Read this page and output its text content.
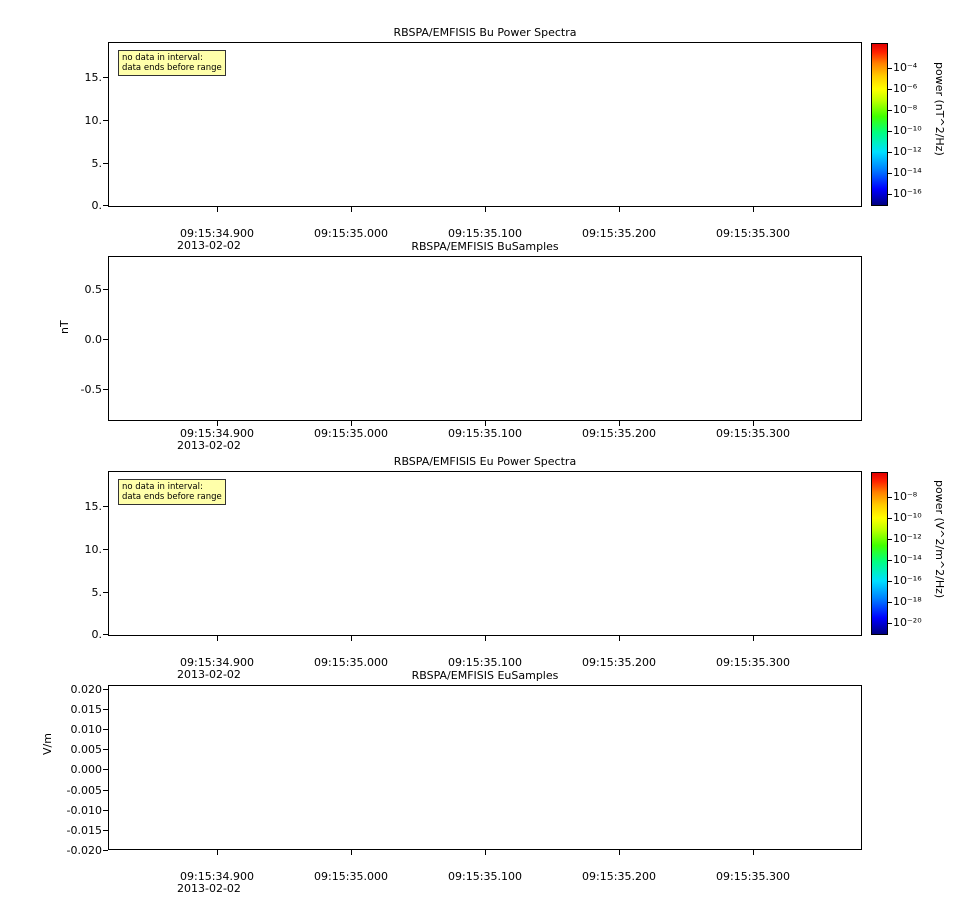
RBSPA/EMFISIS Bu Power Spectra
0.
5.
10.
15.
09:15:34.900	09:15:35.000	09:15:35.100	09:15:35.200	09:15:35.300
2013-02-02
no data in interval:
data ends before range	10⁻⁴
10⁻⁶
10⁻⁸
10⁻¹⁰
10⁻¹²
10⁻¹⁴
10⁻¹⁶
power (nT^2/Hz)
RBSPA/EMFISIS BuSamples
-0.5
0.0
0.5
nT
09:15:34.900	09:15:35.000	09:15:35.100	09:15:35.200	09:15:35.300
2013-02-02
RBSPA/EMFISIS Eu Power Spectra
0.
5.
10.
15.
09:15:34.900	09:15:35.000	09:15:35.100	09:15:35.200	09:15:35.300
2013-02-02
no data in interval:
data ends before range	10⁻⁸
10⁻¹⁰
10⁻¹²
10⁻¹⁴
10⁻¹⁶
10⁻¹⁸
10⁻²⁰
power (V^2/m^2/Hz)
RBSPA/EMFISIS EuSamples
-0.020
-0.015
-0.010
-0.005
0.000
0.005
0.010
0.015
0.020
V/m
09:15:34.900	09:15:35.000	09:15:35.100	09:15:35.200	09:15:35.300
2013-02-02
